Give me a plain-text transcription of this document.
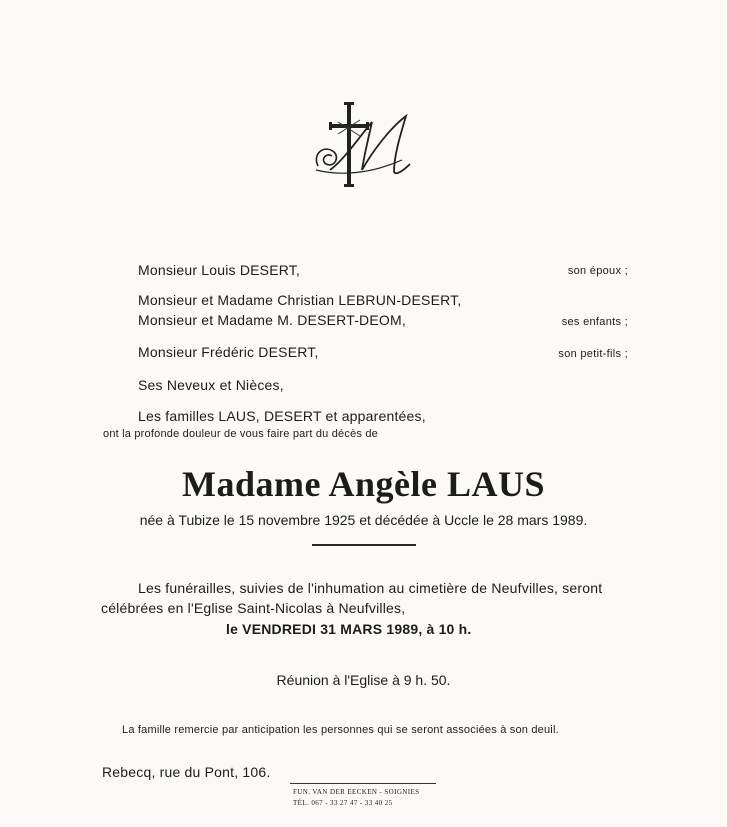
Monsieur Louis DESERT,	son époux ;
Monsieur et Madame Christian LEBRUN-DESERT,
Monsieur et Madame M. DESERT-DEOM,	ses enfants ;
Monsieur Frédéric DESERT,	son petit-fils ;
Ses Neveux et Nièces,
Les familles LAUS, DESERT et apparentées,
ont la profonde douleur de vous faire part du décès de
Madame Angèle LAUS
née à Tubize le 15 novembre 1925 et décédée à Uccle le 28 mars 1989.
Les funérailles, suivies de l'inhumation au cimetière de Neufvilles, seront
célébrées en l'Eglise Saint-Nicolas à Neufvilles,
le VENDREDI 31 MARS 1989, à 10 h.
Réunion à l'Eglise à 9 h. 50.
La famille remercie par anticipation les personnes qui se seront associées à son deuil.
Rebecq, rue du Pont, 106.
FUN. VAN DER EECKEN - SOIGNIES
TÉL. 067 - 33 27 47 - 33 40 25
